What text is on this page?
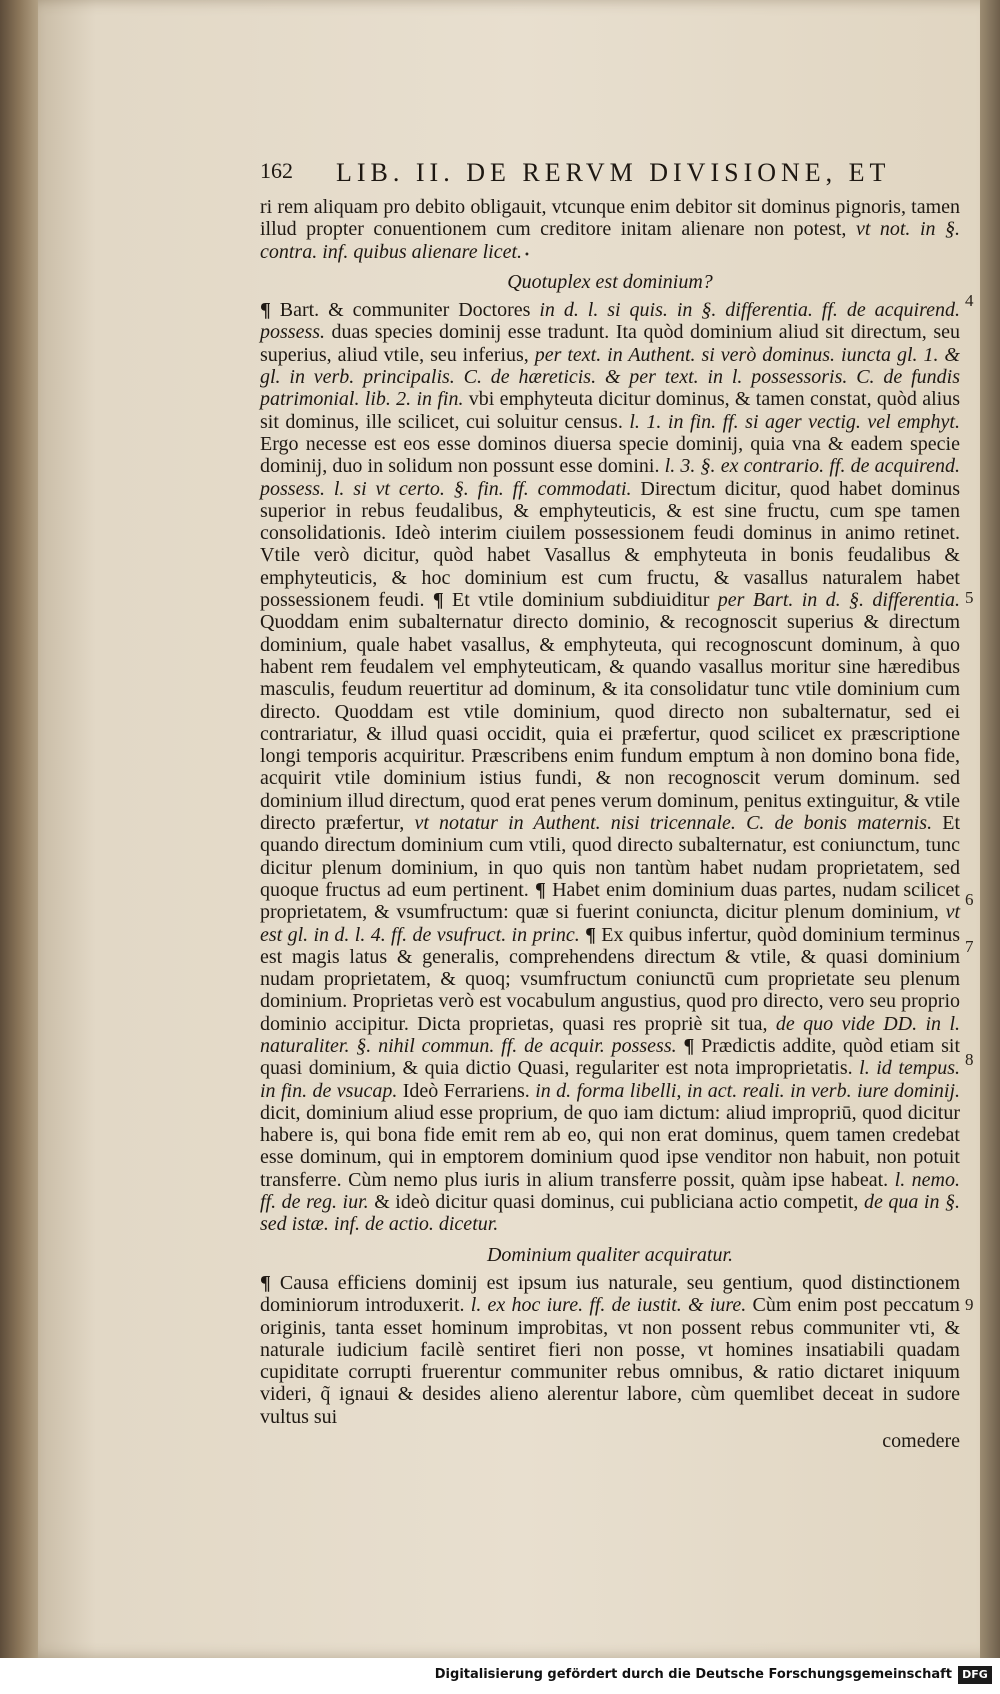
•
162 LIB. II. DE RERVM DIVISIONE, ET

ri rem aliquam pro debito obligauit, vtcunque enim debitor sit dominus pignoris, tamen illud propter conuentionem cum creditore initam alienare non potest, vt not. in §. contra. inf. quibus alienare licet.

Quotuplex est dominium?

¶ Bart. & communiter Doctores in d. l. si quis. in §. differentia. ff. de acquirend. possess. duas species dominij esse tradunt. Ita quòd dominium aliud sit directum, seu superius, aliud vtile, seu inferius, per text. in Authent. si verò dominus. iuncta gl. 1. & gl. in verb. principalis. C. de hæreticis. & per text. in l. possessoris. C. de fundis patrimonial. lib. 2. in fin. vbi emphyteuta dicitur dominus, & tamen constat, quòd alius sit dominus, ille scilicet, cui soluitur census. l. 1. in fin. ff. si ager vectig. vel emphyt. Ergo necesse est eos esse dominos diuersa specie dominij, quia vna & eadem specie dominij, duo in solidum non possunt esse domini. l. 3. §. ex contrario. ff. de acquirend. possess. l. si vt certo. §. fin. ff. commodati. Directum dicitur, quod habet dominus superior in rebus feudalibus, & emphyteuticis, & est sine fructu, cum spe tamen consolidationis. Ideò interim ciuilem possessionem feudi dominus in animo retinet. Vtile verò dicitur, quòd habet Vasallus & emphyteuta in bonis feudalibus & emphyteuticis, & hoc dominium est cum fructu, & vasallus naturalem habet possessionem feudi. ¶ Et vtile dominium subdiuiditur per Bart. in d. §. differentia. Quoddam enim subalternatur directo dominio, & recognoscit superius & directum dominium, quale habet vasallus, & emphyteuta, qui recognoscunt dominum, à quo habent rem feudalem vel emphyteuticam, & quando vasallus moritur sine hæredibus masculis, feudum reuertitur ad dominum, & ita consolidatur tunc vtile dominium cum directo. Quoddam est vtile dominium, quod directo non subalternatur, sed ei contrariatur, & illud quasi occidit, quia ei præfertur, quod scilicet ex præscriptione longi temporis acquiritur. Præscribens enim fundum emptum à non domino bona fide, acquirit vtile dominium istius fundi, & non recognoscit verum dominum. sed dominium illud directum, quod erat penes verum dominum, penitus extinguitur, & vtile directo præfertur, vt notatur in Authent. nisi tricennale. C. de bonis maternis. Et quando directum dominium cum vtili, quod directo subalternatur, est coniunctum, tunc dicitur plenum dominium, in quo quis non tantùm habet nudam proprietatem, sed quoque fructus ad eum pertinent. ¶ Habet enim dominium duas partes, nudam scilicet proprietatem, & vsumfructum: quæ si fuerint coniuncta, dicitur plenum dominium, vt est gl. in d. l. 4. ff. de vsufruct. in princ. ¶ Ex quibus infertur, quòd dominium terminus est magis latus & generalis, comprehendens directum & vtile, & quasi dominium nudam proprietatem, & quoq; vsumfructum coniunctū cum proprietate seu plenum dominium. Proprietas verò est vocabulum angustius, quod pro directo, vero seu proprio dominio accipitur. Dicta proprietas, quasi res propriè sit tua, de quo vide DD. in l. naturaliter. §. nihil commun. ff. de acquir. possess. ¶ Prædictis addite, quòd etiam sit quasi dominium, & quia dictio Quasi, regulariter est nota improprietatis. l. id tempus. in fin. de vsucap. Ideò Ferrariens. in d. forma libelli, in act. reali. in verb. iure dominij. dicit, dominium aliud esse proprium, de quo iam dictum: aliud impropriū, quod dicitur habere is, qui bona fide emit rem ab eo, qui non erat dominus, quem tamen credebat esse dominum, qui in emptorem dominium quod ipse venditor non habuit, non potuit transferre. Cùm nemo plus iuris in alium transferre possit, quàm ipse habeat. l. nemo. ff. de reg. iur. & ideò dicitur quasi dominus, cui publiciana actio competit, de qua in §. sed istæ. inf. de actio. dicetur.

Dominium qualiter acquiratur.

¶ Causa efficiens dominij est ipsum ius naturale, seu gentium, quod distinctionem dominiorum introduxerit. l. ex hoc iure. ff. de iustit. & iure. Cùm enim post peccatum originis, tanta esset hominum improbitas, vt non possent rebus communiter vti, & naturale iudicium facilè sentiret fieri non posse, vt homines insatiabili quadam cupiditate corrupti fruerentur communiter rebus omnibus, & ratio dictaret iniquum videri, q̃ ignaui & desides alieno alerentur labore, cùm quemlibet deceat in sudore vultus sui

comedere
4
5
6
7
8
9
Digitalisierung gefördert durch die Deutsche Forschungsgemeinschaft DFG
